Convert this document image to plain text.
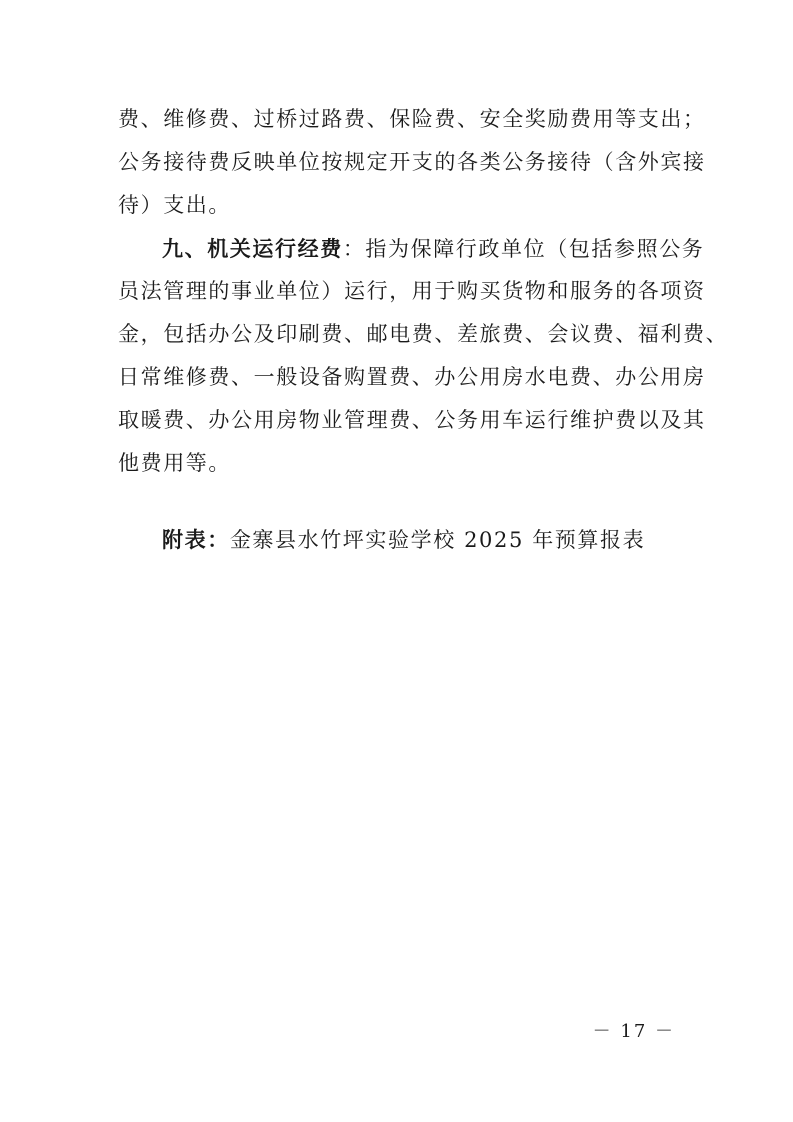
费、维修费、过桥过路费、保险费、安全奖励费用等支出；
公务接待费反映单位按规定开支的各类公务接待（含外宾接
待）支出。
九、机关运行经费：指为保障行政单位（包括参照公务
员法管理的事业单位）运行，用于购买货物和服务的各项资
金，包括办公及印刷费、邮电费、差旅费、会议费、福利费、
日常维修费、一般设备购置费、办公用房水电费、办公用房
取暖费、办公用房物业管理费、公务用车运行维护费以及其
他费用等。
附表：金寨县水竹坪实验学校 2025 年预算报表
－ 17 －
